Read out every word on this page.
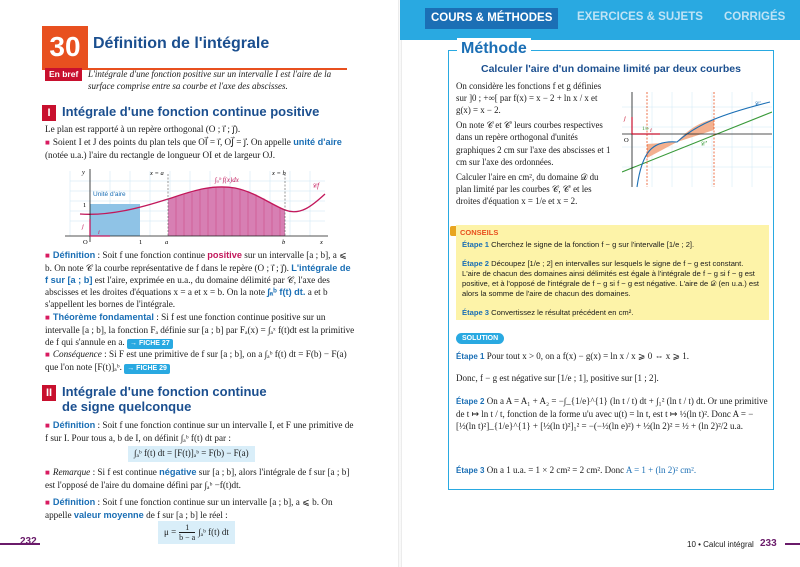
30 Définition de l'intégrale
En bref	L'intégrale d'une fonction positive sur un intervalle I est l'aire de la surface comprise entre sa courbe et l'axe des abscisses.
I Intégrale d'une fonction continue positive
Le plan est rapporté à un repère orthogonal (O ; i⃗ ; j⃗).
■ Soient I et J des points du plan tels que OI⃗ = i⃗, OJ⃗ = j⃗. On appelle unité d'aire (notée u.a.) l'aire du rectangle de longueur OI et de largeur OJ.
Unité d'aire
∫ₐᵇ f(x)dx
x = a	x = b
𝒞f
O	1	a	b	x
y
1
i⃗
j⃗
■ Définition : Soit f une fonction continue positive sur un intervalle [a ; b], a ⩽ b. On note 𝒞 la courbe représentative de f dans le repère (O ; i⃗ ; j⃗). L'intégrale de f sur [a ; b] est l'aire, exprimée en u.a., du domaine délimité par 𝒞, l'axe des abscisses et les droites d'équations x = a et x = b. On la note ∫ₐᵇ f(t) dt. a et b s'appellent les bornes de l'intégrale.
■ Théorème fondamental : Si f est une fonction continue positive sur un intervalle [a ; b], la fonction Fₐ définie sur [a ; b] par Fₐ(x) = ∫ₐˣ f(t)dt est la primitive de f qui s'annule en a. → FICHE 27
■ Conséquence : Si F est une primitive de f sur [a ; b], on a ∫ₐᵇ f(t) dt = F(b) − F(a) que l'on note [F(t)]ₐᵇ. → FICHE 29
II Intégrale d'une fonction continue
de signe quelconque
■ Définition : Soit f une fonction continue sur un intervalle I, et F une primitive de f sur I. Pour tous a, b de I, on définit ∫ₐᵇ f(t) dt par :
∫ₐᵇ f(t) dt = [F(t)]ₐᵇ = F(b) − F(a)
■ Remarque : Si f est continue négative sur [a ; b], alors l'intégrale de f sur [a ; b] est l'opposé de l'aire du domaine défini par ∫ₐᵇ −f(t)dt.
■ Définition : Soit f une fonction continue sur un intervalle [a ; b], a ⩽ b. On appelle valeur moyenne de f sur [a ; b] le réel :
$\mu = \frac{1}{b - a}$ ∫ₐᵇ f(t) dt
232
COURS & MÉTHODES	EXERCICES & SUJETS CORRIGÉS
Méthode
Calculer l'aire d'un domaine limité par deux courbes

On considère les fonctions f et g définies sur ]0 ; +∞[ par f(x) = x − 2 + ln x / x et g(x) = x − 2.

On note 𝒞 et 𝒞' leurs courbes respectives dans un repère orthogonal d'unités graphiques 2 cm sur l'axe des abscisses et 1 cm sur l'axe des ordonnées.

Calculer l'aire en cm², du domaine 𝒟 du plan limité par les courbes 𝒞, 𝒞' et les droites d'équation x = 1/e et x = 2.

𝒞
𝒞'
O
1/e i⃗
j⃗
CONSEILS
Étape 1 Cherchez le signe de la fonction f − g sur l'intervalle [1/e ; 2].
Étape 2 Découpez [1/e ; 2] en intervalles sur lesquels le signe de f − g est constant. L'aire de chacun des domaines ainsi délimités est égale à l'intégrale de f − g si f − g est positive, et à l'opposé de l'intégrale de f − g si f − g est négative. L'aire de 𝒟 (en u.a.) est alors la somme de l'aire de chacun des domaines.
Étape 3 Convertissez le résultat précédent en cm².
SOLUTION
Étape 1 Pour tout x > 0, on a f(x) − g(x) = ln x / x ⩾ 0 ⇔ x ⩾ 1.
Donc, f − g est négative sur [1/e ; 1], positive sur [1 ; 2].
Étape 2 On a A = A₁ + A₂ = −∫_{1/e}^{1} (ln t / t) dt + ∫₁² (ln t / t) dt. Or une primitive de t ↦ ln t / t, fonction de la forme u'u avec u(t) = ln t, est t ↦ ½(ln t)². Donc A = −[½(ln t)²]_{1/e}^{1} + [½(ln t)²]₁² = −(−½(ln e)²) + ½(ln 2)² = ½ + (ln 2)²/2 u.a.
Étape 3 On a 1 u.a. = 1 × 2 cm² = 2 cm². Donc A = 1 + (ln 2)² cm².
10 • Calcul intégral 233
